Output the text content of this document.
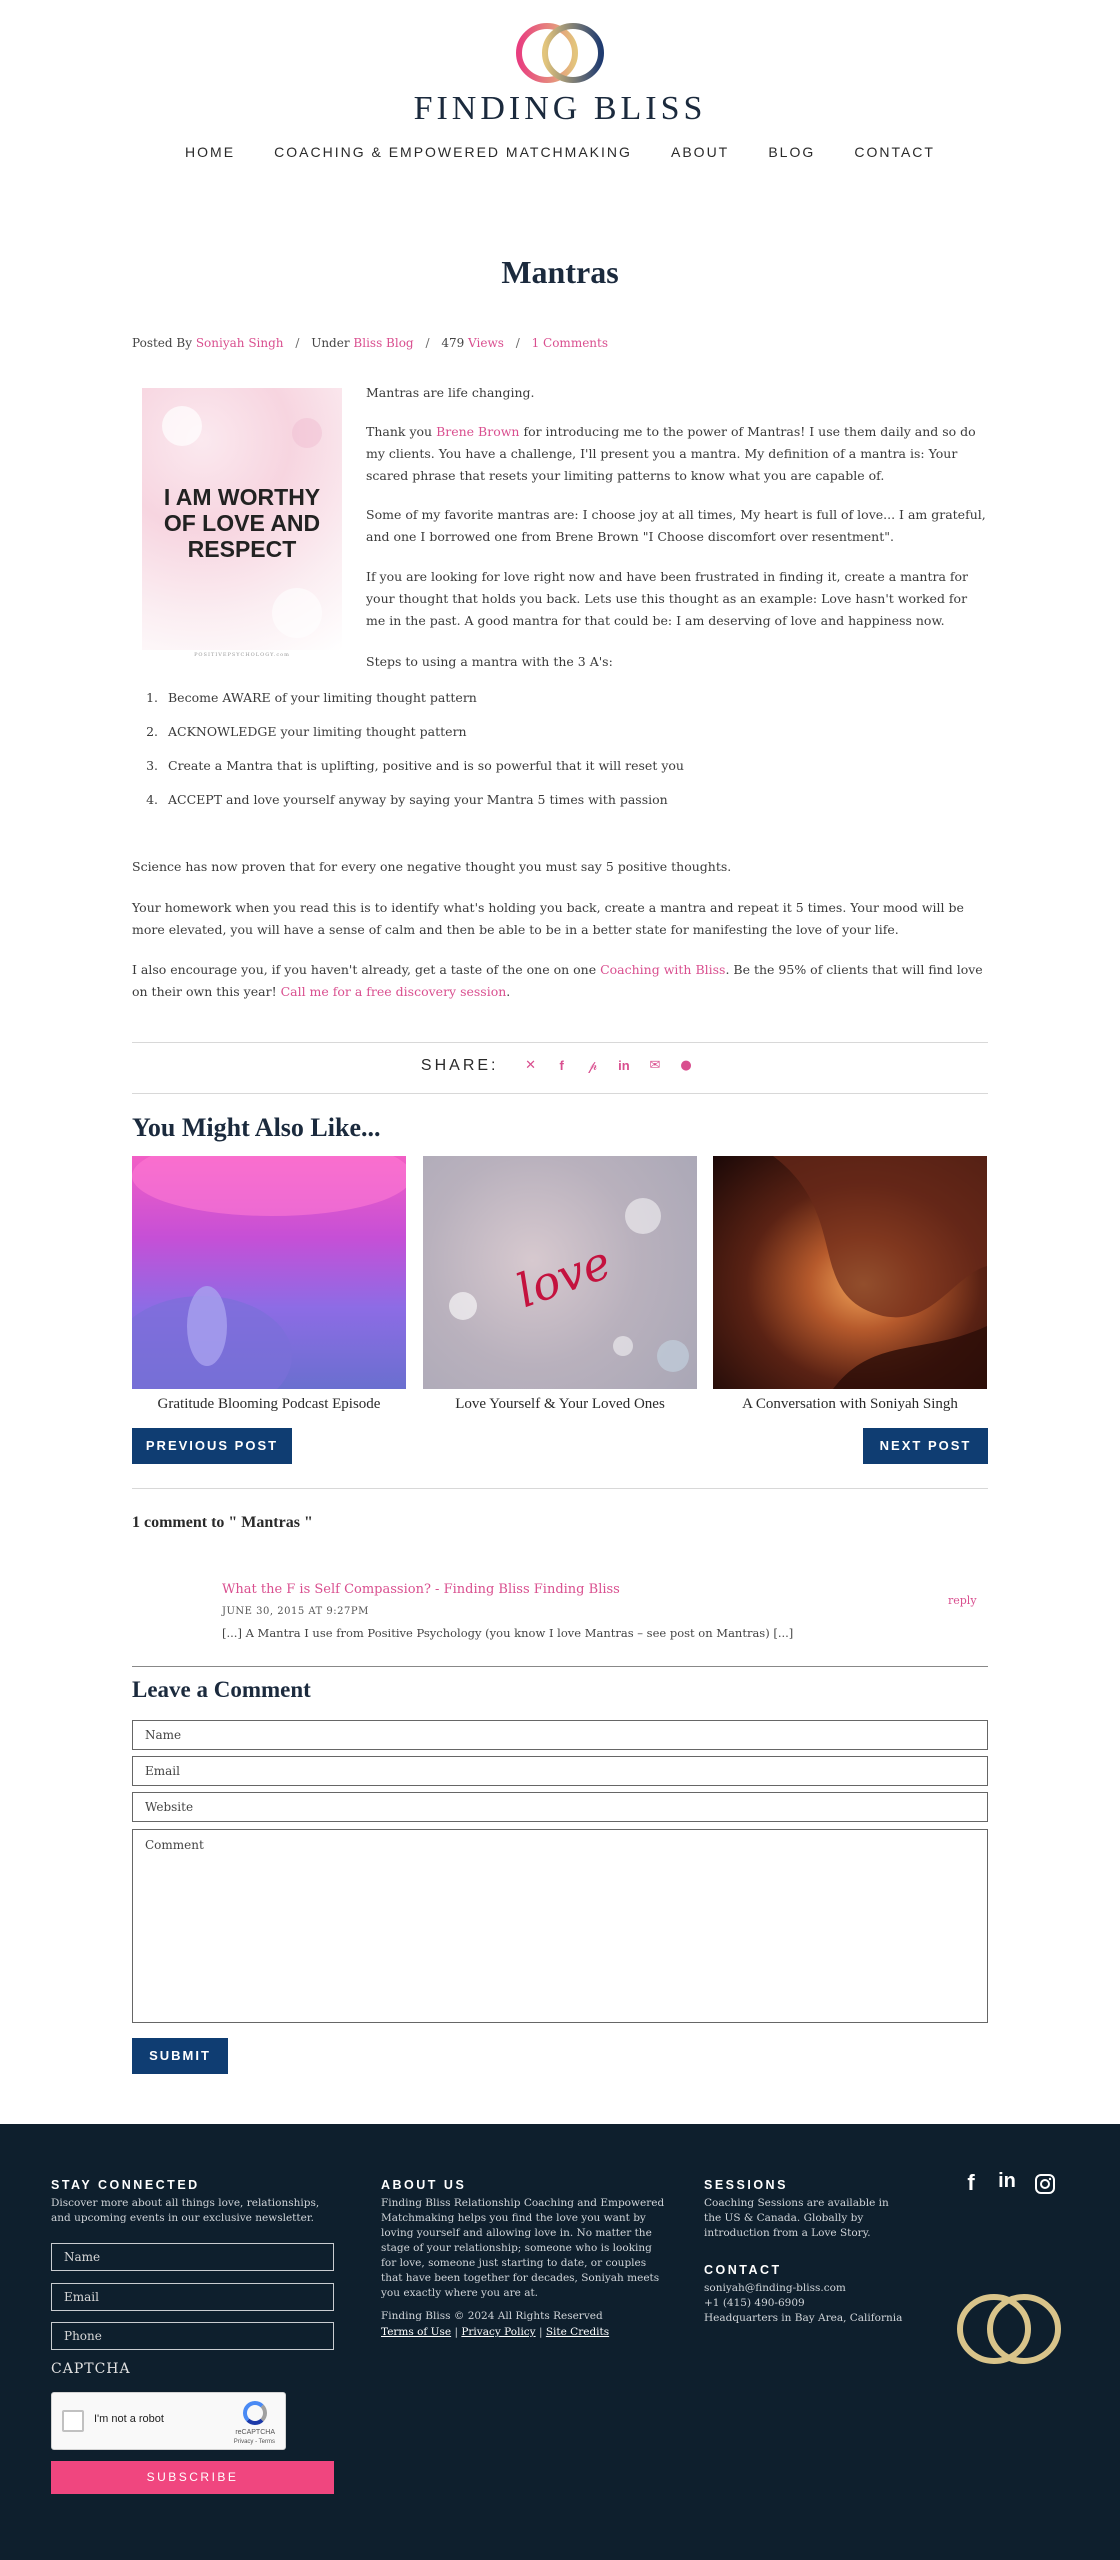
FINDING BLISS
HOME	COACHING & EMPOWERED MATCHMAKING	ABOUT	BLOG	CONTACT
Mantras
Posted By Soniyah Singh / Under Bliss Blog / 479 Views / 1 Comments
I AM WORTHY
OF LOVE AND
RESPECT
POSITIVEPSYCHOLOGY.com

Mantras are life changing.

Thank you Brene Brown for introducing me to the power of Mantras! I use them daily and so do my clients. You have a challenge, I'll present you a mantra. My definition of a mantra is: Your scared phrase that resets your limiting patterns to know what you are capable of.

Some of my favorite mantras are: I choose joy at all times, My heart is full of love... I am grateful, and one I borrowed one from Brene Brown "I Choose discomfort over resentment".

If you are looking for love right now and have been frustrated in finding it, create a mantra for your thought that holds you back. Lets use this thought as an example: Love hasn't worked for me in the past. A good mantra for that could be: I am deserving of love and happiness now.

Steps to using a mantra with the 3 A's:

1. Become AWARE of your limiting thought pattern
2. ACKNOWLEDGE your limiting thought pattern
3. Create a Mantra that is uplifting, positive and is so powerful that it will reset you
4. ACCEPT and love yourself anyway by saying your Mantra 5 times with passion

Science has now proven that for every one negative thought you must say 5 positive thoughts.

Your homework when you read this is to identify what's holding you back, create a mantra and repeat it 5 times. Your mood will be more elevated, you will have a sense of calm and then be able to be in a better state for manifesting the love of your life.

I also encourage you, if you haven't already, get a taste of the one on one Coaching with Bliss. Be the 95% of clients that will find love on their own this year! Call me for a free discovery session.

SHARE: ✕ f 𝓅 in ✉ ●
You Might Also Like...
Gratitude Blooming Podcast Episode
love
Love Yourself & Your Loved Ones	A Conversation with Soniyah Singh
PREVIOUS POST	NEXT POST
1 comment to " Mantras "
What the F is Self Compassion? - Finding Bliss Finding Bliss
JUNE 30, 2015 AT 9:27PM
[...] A Mantra I use from Positive Psychology (you know I love Mantras – see post on Mantras) [...]
reply
Leave a Comment
Name
Email
Website
Comment
SUBMIT
STAY CONNECTED
Discover more about all things love, relationships, and upcoming events in our exclusive newsletter.
Name
Email
Phone
CAPTCHA
I'm not a robot
reCAPTCHA
Privacy - Terms
SUBSCRIBE
ABOUT US
Finding Bliss Relationship Coaching and Empowered Matchmaking helps you find the love you want by loving yourself and allowing love in. No matter the stage of your relationship; someone who is looking for love, someone just starting to date, or couples that have been together for decades, Soniyah meets you exactly where you are at.
Finding Bliss © 2024 All Rights Reserved
Terms of Use | Privacy Policy | Site Credits
SESSIONS
Coaching Sessions are available in the US & Canada. Globally by introduction from a Love Story.
CONTACT
soniyah@finding-bliss.com
+1 (415) 490-6909
Headquarters in Bay Area, California
f	in
